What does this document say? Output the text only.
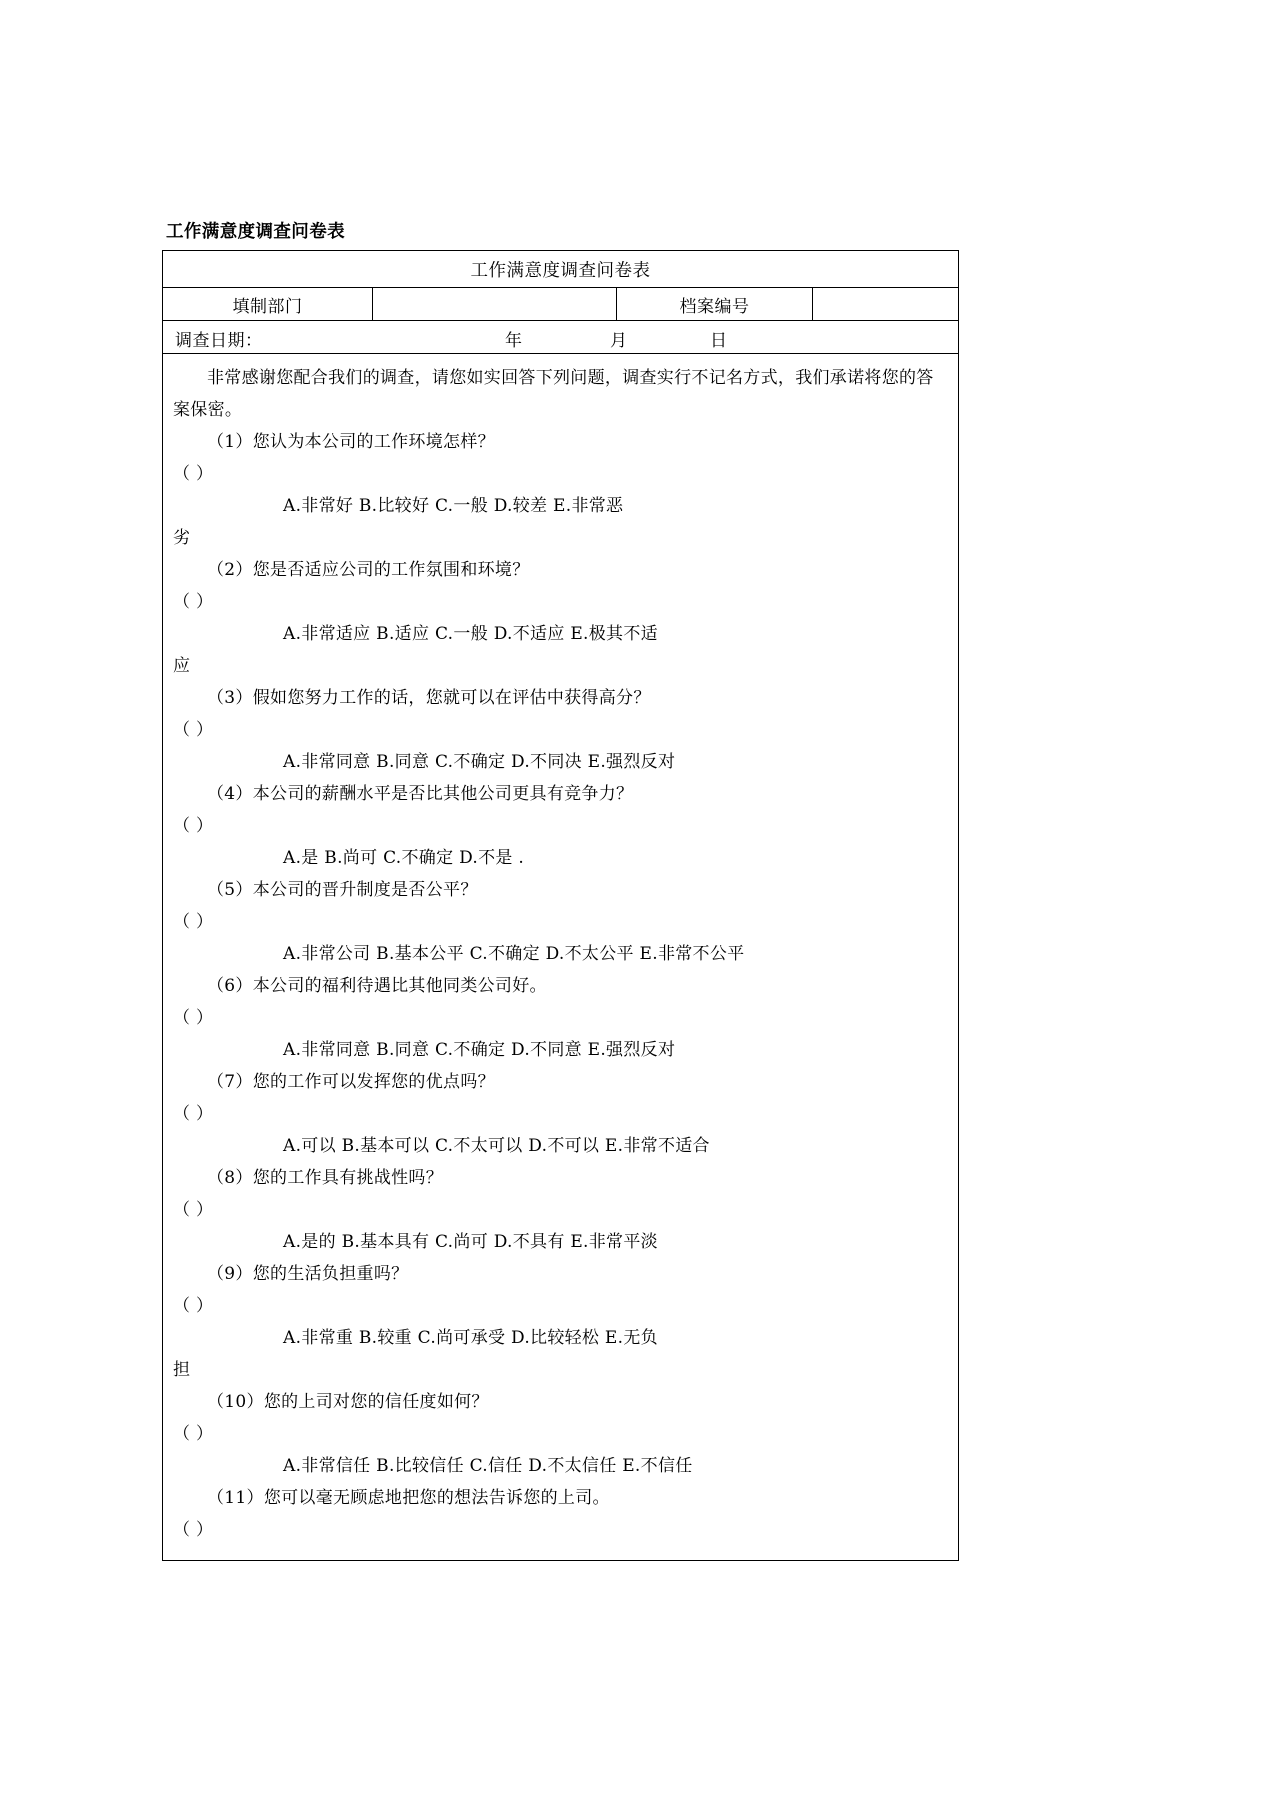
工作满意度调查问卷表
工作满意度调查问卷表
填制部门		档案编号	

调查日期：	年	月	日

非常感谢您配合我们的调查，请您如实回答下列问题，调查实行不记名方式，我们承诺将您的答案保密。

（1）您认为本公司的工作环境怎样？
（ ）
A.非常好 B.比较好 C.一般 D.较差 E.非常恶
劣
（2）您是否适应公司的工作氛围和环境？
（ ）
A.非常适应 B.适应 C.一般 D.不适应 E.极其不适
应
（3）假如您努力工作的话，您就可以在评估中获得高分？
（ ）
A.非常同意 B.同意 C.不确定 D.不同决 E.强烈反对
（4）本公司的薪酬水平是否比其他公司更具有竞争力？
（ ）
A.是 B.尚可 C.不确定 D.不是 .
（5）本公司的晋升制度是否公平？
（ ）
A.非常公司 B.基本公平 C.不确定 D.不太公平 E.非常不公平
（6）本公司的福利待遇比其他同类公司好。
（ ）
A.非常同意 B.同意 C.不确定 D.不同意 E.强烈反对
（7）您的工作可以发挥您的优点吗？
（ ）
A.可以 B.基本可以 C.不太可以 D.不可以 E.非常不适合
（8）您的工作具有挑战性吗？
（ ）
A.是的 B.基本具有 C.尚可 D.不具有 E.非常平淡
（9）您的生活负担重吗？
（ ）
A.非常重 B.较重 C.尚可承受 D.比较轻松 E.无负
担
（10）您的上司对您的信任度如何？
（ ）
A.非常信任 B.比较信任 C.信任 D.不太信任 E.不信任
（11）您可以毫无顾虑地把您的想法告诉您的上司。
（ ）
